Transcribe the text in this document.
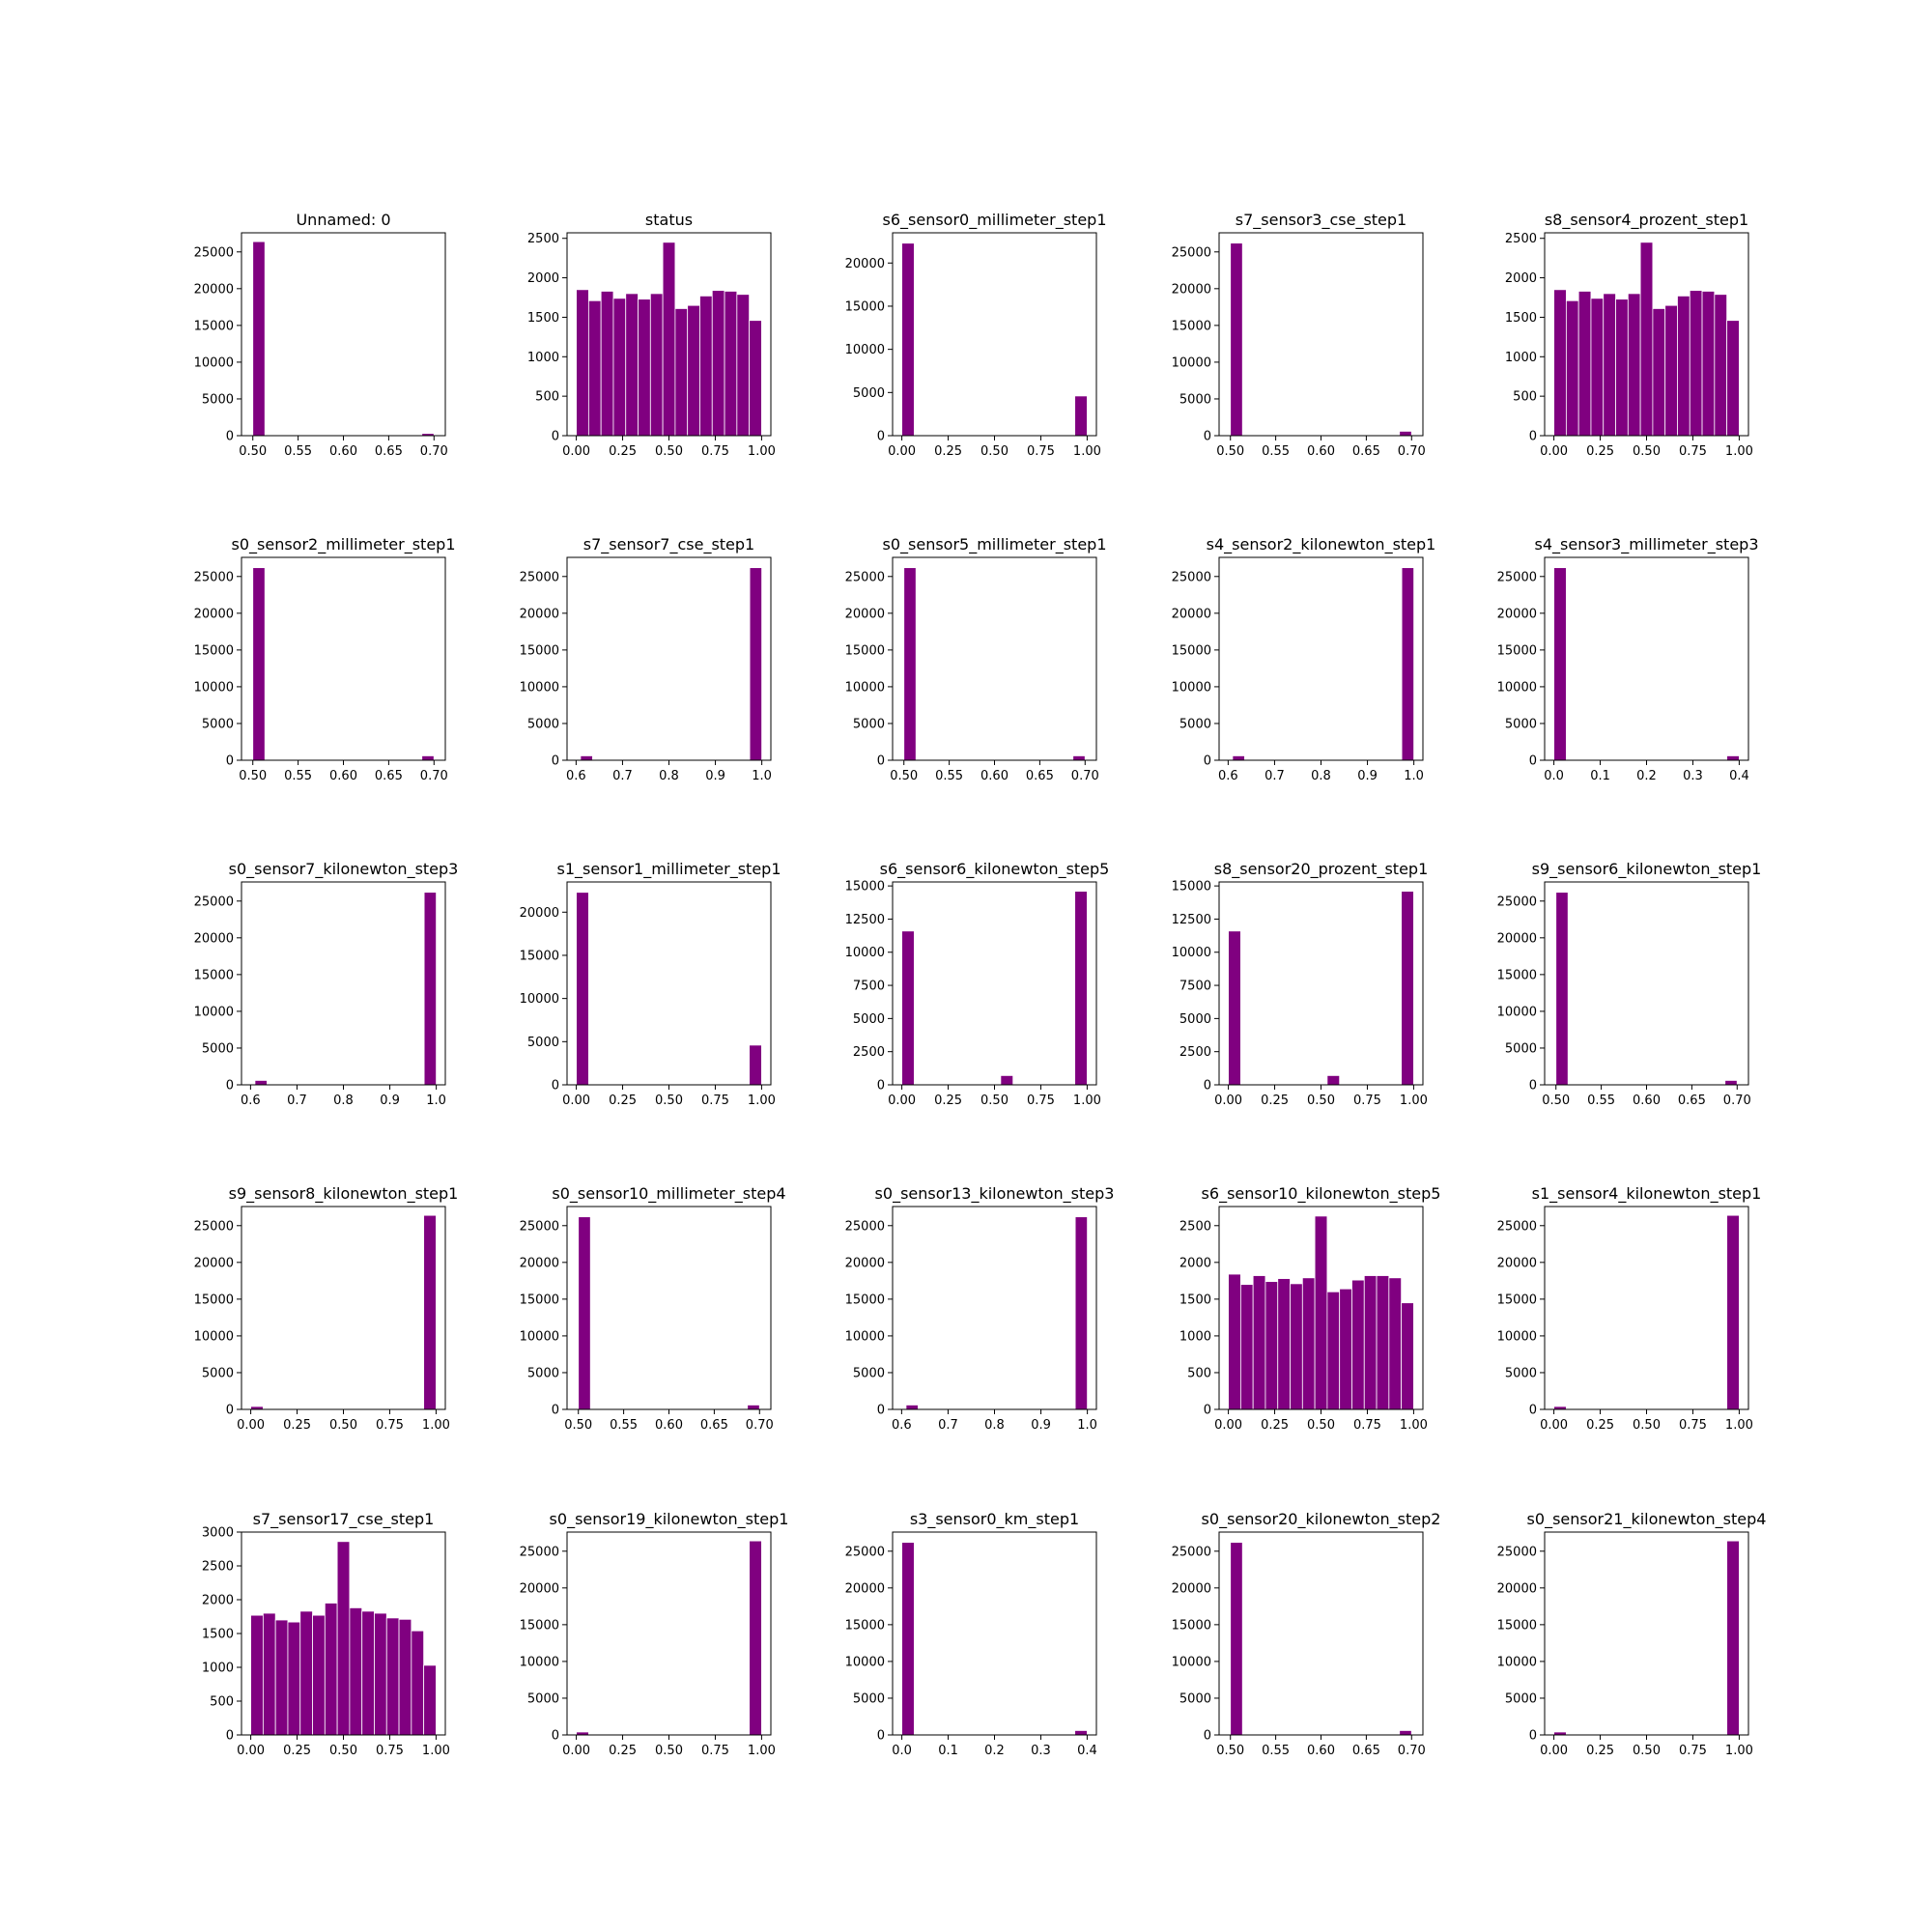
Unnamed: 0
0.50 0.55 0.60 0.65 0.70
0
5000
10000
15000
20000
25000
status
0.00 0.25 0.50 0.75 1.00
0
500
1000
1500
2000
2500
s6_sensor0_millimeter_step1
0.00 0.25 0.50 0.75 1.00
0
5000
10000
15000
20000
s7_sensor3_cse_step1
0.50 0.55 0.60 0.65 0.70
0
5000
10000
15000
20000
25000
s8_sensor4_prozent_step1
0.00 0.25 0.50 0.75 1.00
0
500
1000
1500
2000
2500
s0_sensor2_millimeter_step1
0.50 0.55 0.60 0.65 0.70
0
5000
10000
15000
20000
25000
s7_sensor7_cse_step1
0.6 0.7 0.8 0.9 1.0
0
5000
10000
15000
20000
25000
s0_sensor5_millimeter_step1
0.50 0.55 0.60 0.65 0.70
0
5000
10000
15000
20000
25000
s4_sensor2_kilonewton_step1
0.6 0.7 0.8 0.9 1.0
0
5000
10000
15000
20000
25000
s4_sensor3_millimeter_step3
0.0 0.1 0.2 0.3 0.4
0
5000
10000
15000
20000
25000
s0_sensor7_kilonewton_step3
0.6 0.7 0.8 0.9 1.0
0
5000
10000
15000
20000
25000
s1_sensor1_millimeter_step1
0.00 0.25 0.50 0.75 1.00
0
5000
10000
15000
20000
s6_sensor6_kilonewton_step5
0.00 0.25 0.50 0.75 1.00
0
2500
5000
7500
10000
12500
15000
s8_sensor20_prozent_step1
0.00 0.25 0.50 0.75 1.00
0
2500
5000
7500
10000
12500
15000
s9_sensor6_kilonewton_step1
0.50 0.55 0.60 0.65 0.70
0
5000
10000
15000
20000
25000
s9_sensor8_kilonewton_step1
0.00 0.25 0.50 0.75 1.00
0
5000
10000
15000
20000
25000
s0_sensor10_millimeter_step4
0.50 0.55 0.60 0.65 0.70
0
5000
10000
15000
20000
25000
s0_sensor13_kilonewton_step3
0.6 0.7 0.8 0.9 1.0
0
5000
10000
15000
20000
25000
s6_sensor10_kilonewton_step5
0.00 0.25 0.50 0.75 1.00
0
500
1000
1500
2000
2500
s1_sensor4_kilonewton_step1
0.00 0.25 0.50 0.75 1.00
0
5000
10000
15000
20000
25000
s7_sensor17_cse_step1
0.00 0.25 0.50 0.75 1.00
0
500
1000
1500
2000
2500
3000
s0_sensor19_kilonewton_step1
0.00 0.25 0.50 0.75 1.00
0
5000
10000
15000
20000
25000
s3_sensor0_km_step1
0.0 0.1 0.2 0.3 0.4
0
5000
10000
15000
20000
25000
s0_sensor20_kilonewton_step2
0.50 0.55 0.60 0.65 0.70
0
5000
10000
15000
20000
25000
s0_sensor21_kilonewton_step4
0.00 0.25 0.50 0.75 1.00
0
5000
10000
15000
20000
25000
